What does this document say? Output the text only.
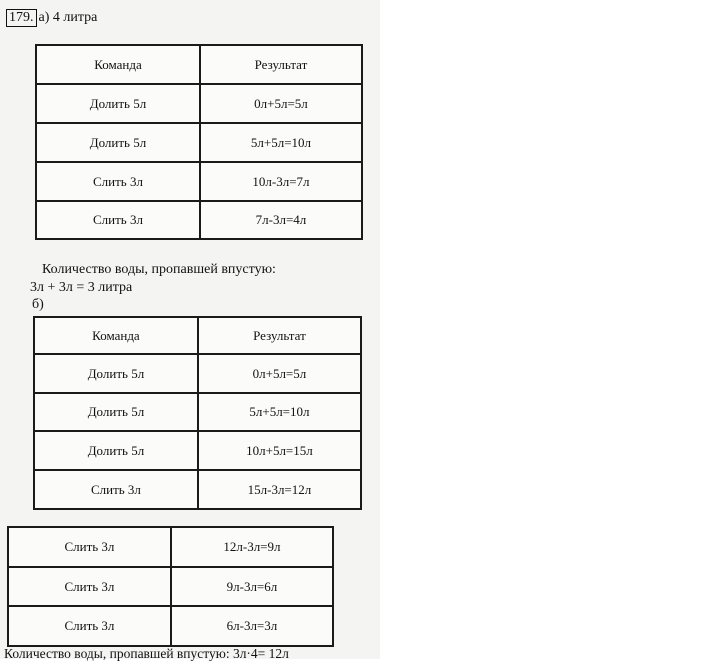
179. а) 4 литра
Команда	Результат
Долить 5л	0л+5л=5л
Долить 5л	5л+5л=10л
Слить 3л	10л-3л=7л
Слить 3л	7л-3л=4л
Количество воды, пропавшей впустую:
3л + 3л = 3 литра
б)
Команда	Результат
Долить 5л	0л+5л=5л
Долить 5л	5л+5л=10л
Долить 5л	10л+5л=15л
Слить 3л	15л-3л=12л
Слить 3л	12л-3л=9л
Слить 3л	9л-3л=6л
Слить 3л	6л-3л=3л
Количество воды, пропавшей впустую: 3л·4= 12л
